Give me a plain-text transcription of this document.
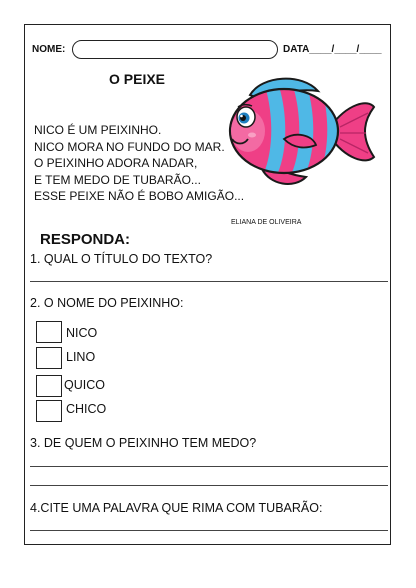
NOME:	DATA____/____/____
O PEIXE
NICO É UM PEIXINHO.
NICO MORA NO FUNDO DO MAR.
O PEIXINHO ADORA NADAR,
E TEM MEDO DE TUBARÃO...
ESSE PEIXE NÃO É BOBO AMIGÃO...
ELIANA DE OLIVEIRA
RESPONDA:
1. QUAL O TÍTULO DO TEXTO?
2. O NOME DO PEIXINHO:
NICO
LINO
QUICO
CHICO
3. DE QUEM O PEIXINHO TEM MEDO?
4.CITE UMA PALAVRA QUE RIMA COM TUBARÃO:
